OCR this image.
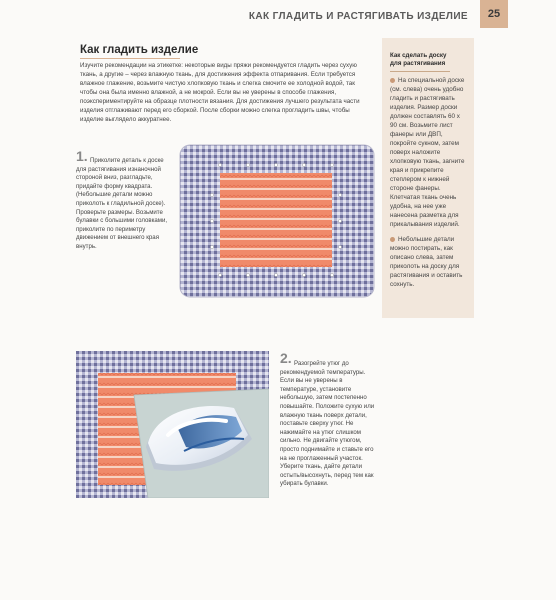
КАК ГЛАДИТЬ И РАСТЯГИВАТЬ ИЗДЕЛИЕ 25
Как гладить изделие
Изучите рекомендации на этикетке: некоторые виды пряжи рекомендуется гладить через сухую ткань, а другие – через влажную ткань, для достижения эффекта отпаривания. Если требуется влажное глажение, возьмите чистую хлопковую ткань и слегка смочите ее холодной водой, так чтобы она была именно влажной, а не мокрой. Если вы не уверены в способе глажения, поэкспериментируйте на образце плотности вязания. Для достижения лучшего результата части изделия отглаживают перед его сборкой. После сборки можно слегка прогладить швы, чтобы изделие выглядело аккуратнее.
Как сделать доску
для растягивания

На специальной доске (см. слева) очень удобно гладить и растягивать изделия. Размер доски должен составлять 60 х 90 см. Возьмите лист фанеры или ДВП, покройте сукном, затем поверх наложите хлопковую ткань, загните края и прикрепите степлером к нижней стороне фанеры. Клетчатая ткань очень удобна, на нее уже нанесена разметка для прикалывания изделий.

Небольшие детали можно постирать, как описано слева, затем приколоть на доску для растягивания и оставить сохнуть.

1. Приколите деталь к доске для растягивания изнаночной стороной вниз, разгладьте, придайте форму квадрата. (Небольшие детали можно приколоть к гладильной доске). Проверьте размеры. Возьмите булавки с большими головками, приколите по периметру движением от внешнего края внутрь.
2. Разогрейте утюг до рекомендуемой температуры. Если вы не уверены в температуре, установите небольшую, затем постепенно повышайте. Положите сухую или влажную ткань поверх детали, поставьте сверху утюг. Не нажимайте на утюг слишком сильно. Не двигайте утюгом, просто поднимайте и ставьте его на не проглаженный участок. Уберите ткань, дайте детали остыть/высохнуть, перед тем как убирать булавки.
